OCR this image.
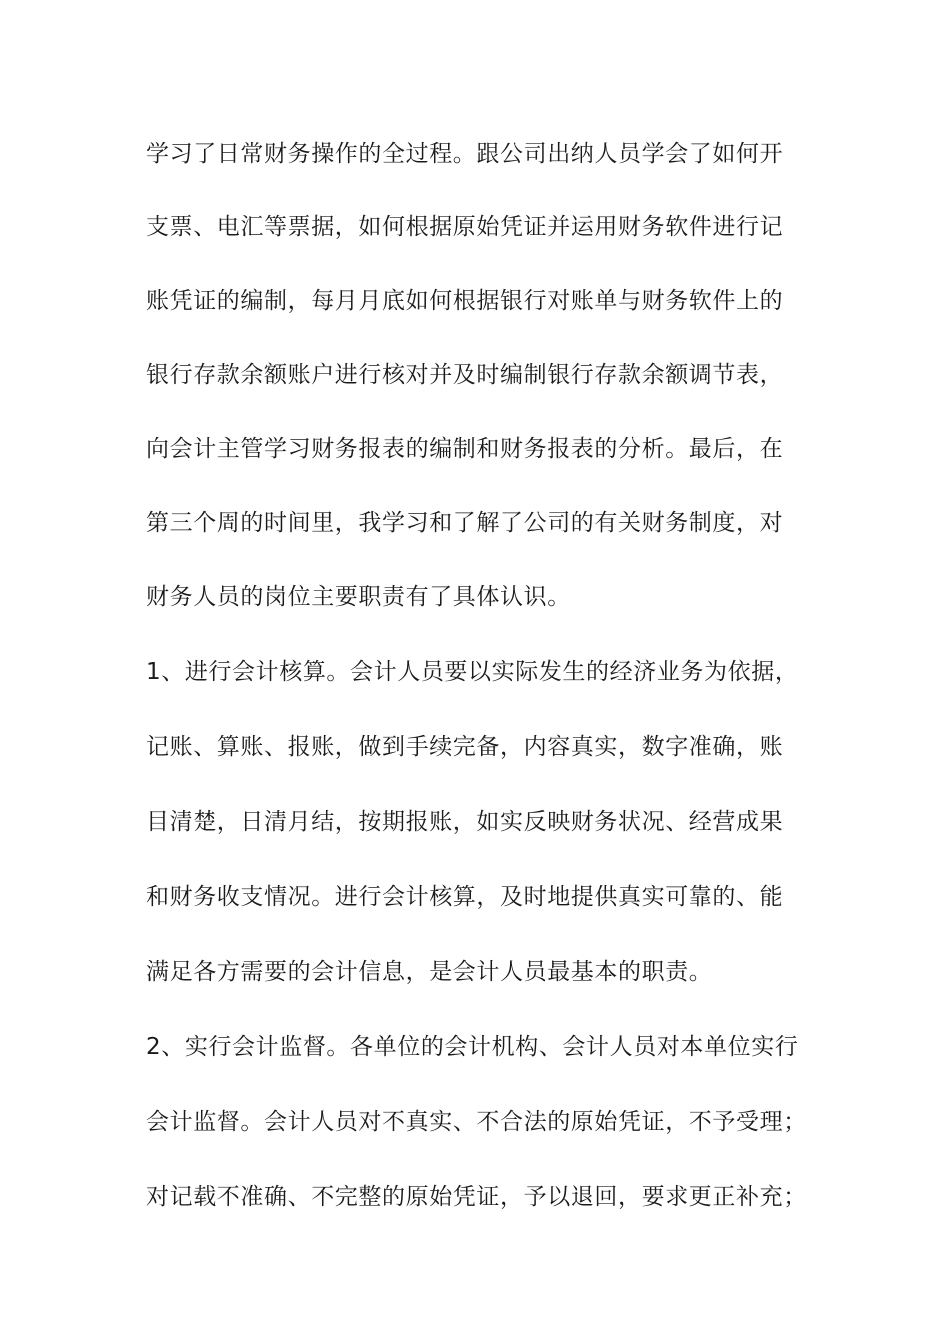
学习了日常财务操作的全过程。跟公司出纳人员学会了如何开
支票、电汇等票据，如何根据原始凭证并运用财务软件进行记
账凭证的编制，每月月底如何根据银行对账单与财务软件上的
银行存款余额账户进行核对并及时编制银行存款余额调节表，
向会计主管学习财务报表的编制和财务报表的分析。最后，在
第三个周的时间里，我学习和了解了公司的有关财务制度，对
财务人员的岗位主要职责有了具体认识。
1、进行会计核算。会计人员要以实际发生的经济业务为依据，
记账、算账、报账，做到手续完备，内容真实，数字准确，账
目清楚，日清月结，按期报账，如实反映财务状况、经营成果
和财务收支情况。进行会计核算，及时地提供真实可靠的、能
满足各方需要的会计信息，是会计人员最基本的职责。
2、实行会计监督。各单位的会计机构、会计人员对本单位实行
会计监督。会计人员对不真实、不合法的原始凭证，不予受理；
对记载不准确、不完整的原始凭证，予以退回，要求更正补充；
